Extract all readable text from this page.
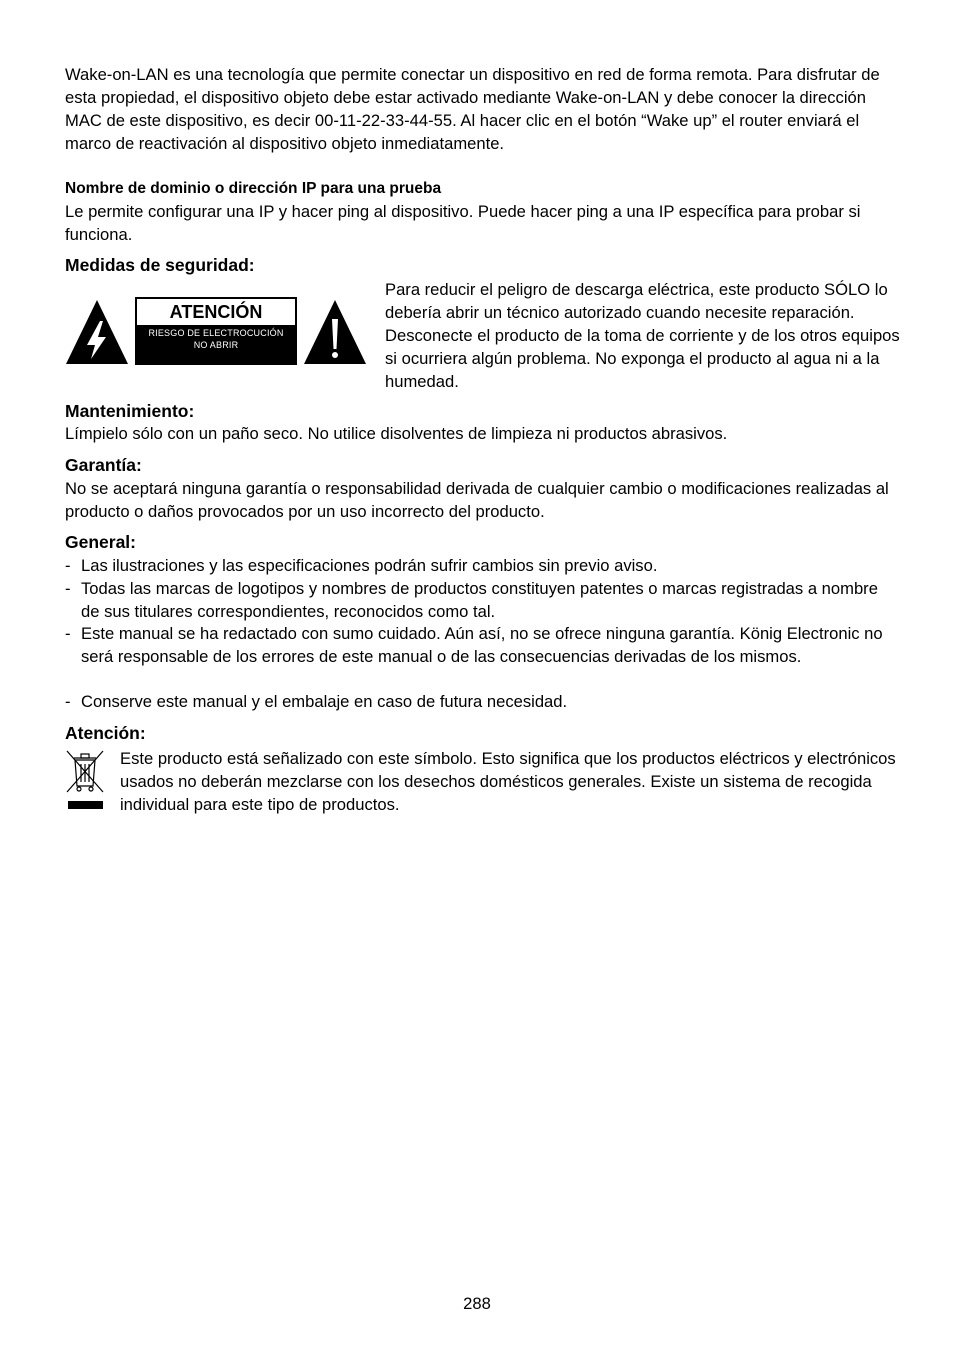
Wake-on-LAN es una tecnología que permite conectar un dispositivo en red de forma remota. Para disfrutar de esta propiedad, el dispositivo objeto debe estar activado mediante Wake-on-LAN y debe conocer la dirección MAC de este dispositivo, es decir 00-11-22-33-44-55. Al hacer clic en el botón “Wake up” el router enviará el marco de reactivación al dispositivo objeto inmediatamente.

Nombre de dominio o dirección IP para una prueba

Le permite configurar una IP y hacer ping al dispositivo. Puede hacer ping a una IP específica para probar si funciona.

Medidas de seguridad:

ATENCIÓN
RIESGO DE ELECTROCUCIÓN
NO ABRIR

Para reducir el peligro de descarga eléctrica, este producto SÓLO lo debería abrir un técnico autorizado cuando necesite reparación. Desconecte el producto de la toma de corriente y de los otros equipos si ocurriera algún problema. No exponga el producto al agua ni a la humedad.

Mantenimiento:

Límpielo sólo con un paño seco. No utilice disolventes de limpieza ni productos abrasivos.

Garantía:

No se aceptará ninguna garantía o responsabilidad derivada de cualquier cambio o modificaciones realizadas al producto o daños provocados por un uso incorrecto del producto.

General:

- Las ilustraciones y las especificaciones podrán sufrir cambios sin previo aviso.
- Todas las marcas de logotipos y nombres de productos constituyen patentes o marcas registradas a nombre de sus titulares correspondientes, reconocidos como tal.
- Este manual se ha redactado con sumo cuidado. Aún así, no se ofrece ninguna garantía. König Electronic no será responsable de los errores de este manual o de las consecuencias derivadas de los mismos.
- Conserve este manual y el embalaje en caso de futura necesidad.

Atención:

Este producto está señalizado con este símbolo. Esto significa que los productos eléctricos y electrónicos usados no deberán mezclarse con los desechos domésticos generales. Existe un sistema de recogida individual para este tipo de productos.

288
